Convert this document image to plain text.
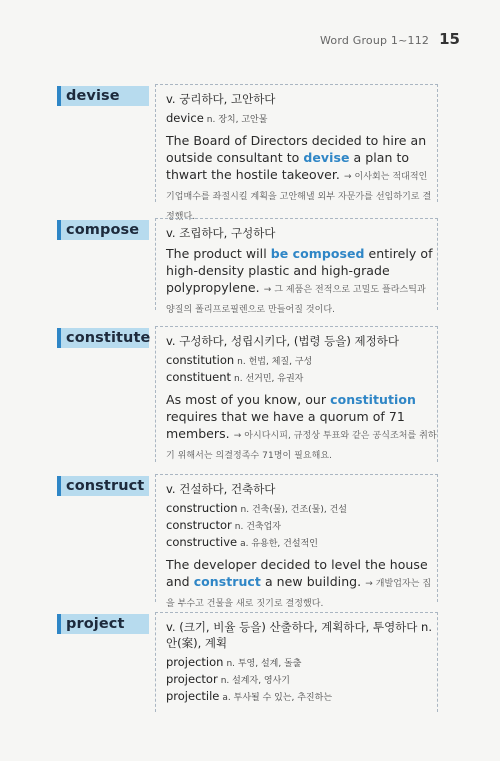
Word Group 1~112 15
devise	v. 궁리하다, 고안하다
device n. 장치, 고안물
The Board of Directors decided to hire an outside consultant to devise a plan to thwart the hostile takeover. → 이사회는 적대적인 기업매수를 좌절시킬 계획을 고안해낼 외부 자문가를 선임하기로 결정했다.
compose	v. 조립하다, 구성하다
The product will be composed entirely of high-density plastic and high-grade polypropylene. → 그 제품은 전적으로 고밀도 플라스틱과 양질의 폴리프로필렌으로 만들어질 것이다.
constitute v. 구성하다, 성립시키다, (법령 등을) 제정하다
constitution n. 헌법, 체질, 구성
constituent n. 선거민, 유권자
As most of you know, our constitution requires that we have a quorum of 71 members. → 아시다시피, 규정상 투표와 같은 공식조처를 취하기 위해서는 의결정족수 71명이 필요해요.
construct	v. 건설하다, 건축하다
construction n. 건축(물), 건조(물), 건설
constructor n. 건축업자
constructive a. 유용한, 건설적인
The developer decided to level the house and construct a new building. → 개발업자는 집을 부수고 건물을 새로 짓기로 결정했다.
project	v. (크기, 비율 등을) 산출하다, 계획하다, 투영하다 n. 안(案), 계획
projection n. 투영, 설계, 돌출
projector n. 설계자, 영사기
projectile a. 투사될 수 있는, 추진하는
